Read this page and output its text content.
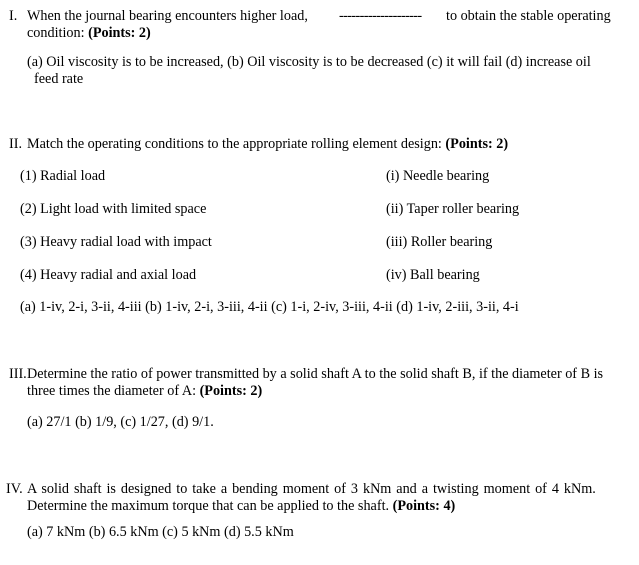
I. When the journal bearing encounters higher load, -------------------- to obtain the stable operating
condition: (Points: 2)
(a) Oil viscosity is to be increased, (b) Oil viscosity is to be decreased (c) it will fail (d) increase oil
feed rate
II. Match the operating conditions to the appropriate rolling element design: (Points: 2)
(1) Radial load	(i) Needle bearing
(2) Light load with limited space	(ii) Taper roller bearing
(3) Heavy radial load with impact	(iii) Roller bearing
(4) Heavy radial and axial load	(iv) Ball bearing
(a) 1-iv, 2-i, 3-ii, 4-iii (b) 1-iv, 2-i, 3-iii, 4-ii (c) 1-i, 2-iv, 3-iii, 4-ii (d) 1-iv, 2-iii, 3-ii, 4-i
III. Determine the ratio of power transmitted by a solid shaft A to the solid shaft B, if the diameter of B is
three times the diameter of A: (Points: 2)
(a) 27/1 (b) 1/9, (c) 1/27, (d) 9/1.
IV. A solid shaft is designed to take a bending moment of 3 kNm and a twisting moment of 4 kNm.
Determine the maximum torque that can be applied to the shaft. (Points: 4)
(a) 7 kNm (b) 6.5 kNm (c) 5 kNm (d) 5.5 kNm
